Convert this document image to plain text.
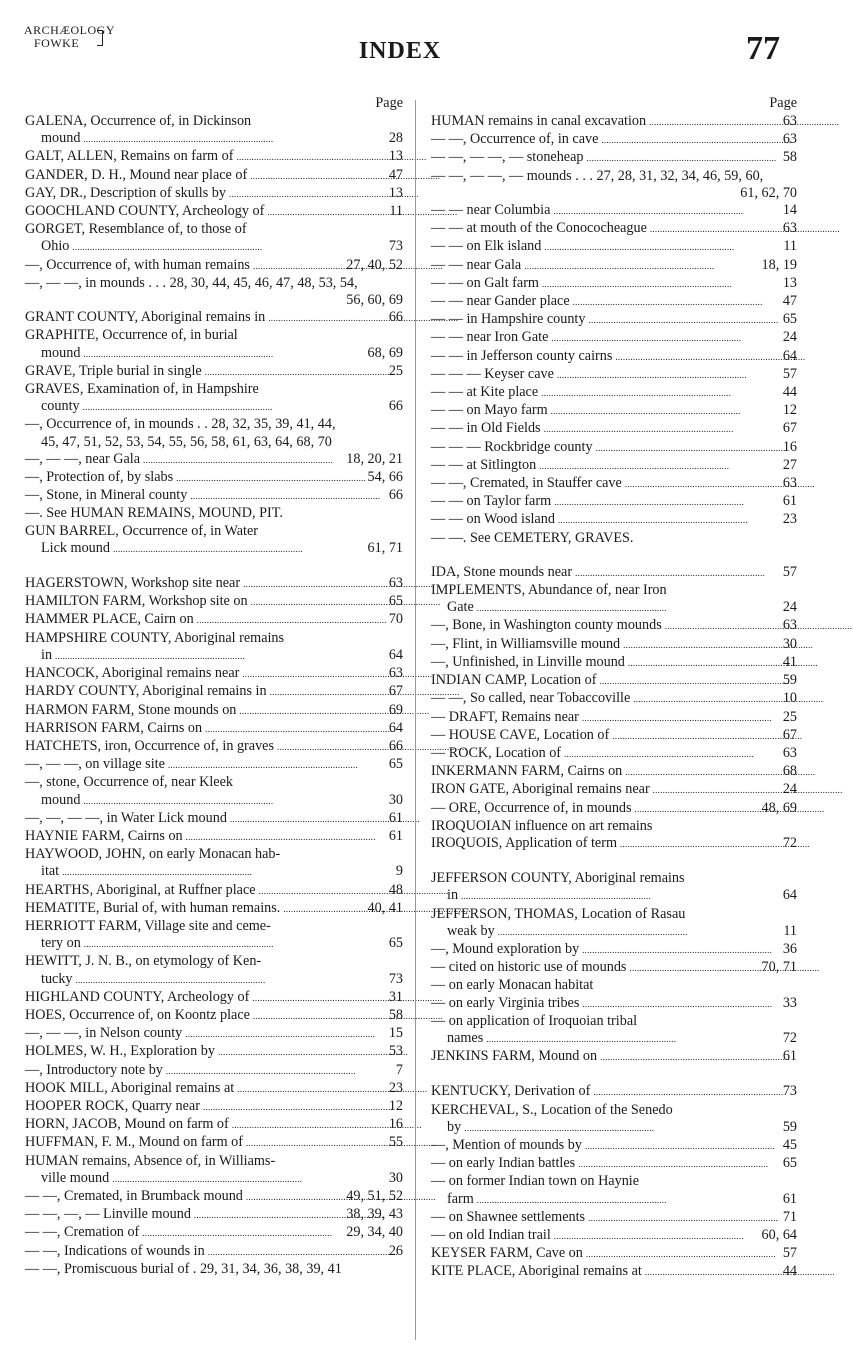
ARCHÆOLOGY
FOWKE	INDEX	77
Page
GALENA, Occurrence of, in Dickinson
mound . . .	28
GALT, ALLEN, Remains on farm of . . .	13
GANDER, D. H., Mound near place of . . .	47
GAY, DR., Description of skulls by . . .	13
GOOCHLAND COUNTY, Archeology of . . .	11
GORGET, Resemblance of, to those of
Ohio . . .	73
—, Occurrence of, with human remains . . .	27, 40, 52
—, — —, in mounds . . . 28, 30, 44, 45, 46, 47, 48, 53, 54,
56, 60, 69
GRANT COUNTY, Aboriginal remains in . . .	66
GRAPHITE, Occurrence of, in burial
mound . . .	68, 69
GRAVE, Triple burial in single . . .	25
GRAVES, Examination of, in Hampshire
county . . .	66
—, Occurrence of, in mounds . . 28, 32, 35, 39, 41, 44,
45, 47, 51, 52, 53, 54, 55, 56, 58, 61, 63, 64, 68, 70
—, — —, near Gala . . .	18, 20, 21
—, Protection of, by slabs . . .	54, 66
—, Stone, in Mineral county . . .	66
—. See HUMAN REMAINS, MOUND, PIT.
GUN BARREL, Occurrence of, in Water
Lick mound . . .	61, 71
HAGERSTOWN, Workshop site near . . .	63
HAMILTON FARM, Workshop site on . . .	65
HAMMER PLACE, Cairn on . . .	70
HAMPSHIRE COUNTY, Aboriginal remains
in . . .	64
HANCOCK, Aboriginal remains near . . .	63
HARDY COUNTY, Aboriginal remains in . . .	67
HARMON FARM, Stone mounds on . . .	69
HARRISON FARM, Cairns on . . .	64
HATCHETS, iron, Occurrence of, in graves . . .	66
—, — —, on village site . . .	65
—, stone, Occurrence of, near Kleek
mound . . .	30
—, —, — —, in Water Lick mound . . .	61
HAYNIE FARM, Cairns on . . .	61
HAYWOOD, JOHN, on early Monacan hab-
itat . . .	9
HEARTHS, Aboriginal, at Ruffner place . . .	48
HEMATITE, Burial of, with human remains. . . .	40, 41
HERRIOTT FARM, Village site and ceme-
tery on . . .	65
HEWITT, J. N. B., on etymology of Ken-
tucky . . .	73
HIGHLAND COUNTY, Archeology of . . .	31
HOES, Occurrence of, on Koontz place . . .	58
—, — —, in Nelson county . . .	15
HOLMES, W. H., Exploration by . . .	53
—, Introductory note by . . .	7
HOOK MILL, Aboriginal remains at . . .	23
HOOPER ROCK, Quarry near . . .	12
HORN, JACOB, Mound on farm of . . .	16
HUFFMAN, F. M., Mound on farm of . . .	55
HUMAN remains, Absence of, in Williams-
ville mound . . .	30
— —, Cremated, in Brumback mound . . .	49, 51, 52
— —, —, — Linville mound . . .	38, 39, 43
— —, Cremation of . . .	29, 34, 40
— —, Indications of wounds in . . .	26
— —, Promiscuous burial of . 29, 31, 34, 36, 38, 39, 41
Page
HUMAN remains in canal excavation . . .	63
— —, Occurrence of, in cave . . .	63
— —, — —, — stoneheap . . .	58
— —, — —, — mounds . . . 27, 28, 31, 32, 34, 46, 59, 60,
61, 62, 70
— — near Columbia . . .	14
— — at mouth of the Conococheague . . .	63
— — on Elk island . . .	11
— — near Gala . . .	18, 19
— — on Galt farm . . .	13
— — near Gander place . . .	47
— — in Hampshire county . . .	65
— — near Iron Gate . . .	24
— — in Jefferson county cairns . . .	64
— — — Keyser cave . . .	57
— — at Kite place . . .	44
— — on Mayo farm . . .	12
— — in Old Fields . . .	67
— — — Rockbridge county . . .	16
— — at Sitlington . . .	27
— —, Cremated, in Stauffer cave . . .	63
— — on Taylor farm . . .	61
— — on Wood island . . .	23
— —. See CEMETERY, GRAVES.
IDA, Stone mounds near . . .	57
IMPLEMENTS, Abundance of, near Iron
Gate . . .	24
—, Bone, in Washington county mounds . . .	63
—, Flint, in Williamsville mound . . .	30
—, Unfinished, in Linville mound . . .	41
INDIAN CAMP, Location of . . .	59
— —, So called, near Tobaccoville . . .	10
— DRAFT, Remains near . . .	25
— HOUSE CAVE, Location of . . .	67
— ROCK, Location of . . .	63
INKERMANN FARM, Cairns on . . .	68
IRON GATE, Aboriginal remains near . . .	24
— ORE, Occurrence of, in mounds . . .	48, 69
IROQUOIAN influence on art remains
IROQUOIS, Application of term . . .	72
JEFFERSON COUNTY, Aboriginal remains
in . . .	64
JEFFERSON, THOMAS, Location of Rasau
weak by . . .	11
—, Mound exploration by . . .	36
— cited on historic use of mounds . . .	70, 71
— on early Monacan habitat
— on early Virginia tribes . . .	33
— on application of Iroquoian tribal
names . . .	72
JENKINS FARM, Mound on . . .	61
KENTUCKY, Derivation of . . .	73
KERCHEVAL, S., Location of the Senedo
by . . .	59
—, Mention of mounds by . . .	45
— on early Indian battles . . .	65
— on former Indian town on Haynie
farm . . .	61
— on Shawnee settlements . . .	71
— on old Indian trail . . .	60, 64
KEYSER FARM, Cave on . . .	57
KITE PLACE, Aboriginal remains at . . .	44
